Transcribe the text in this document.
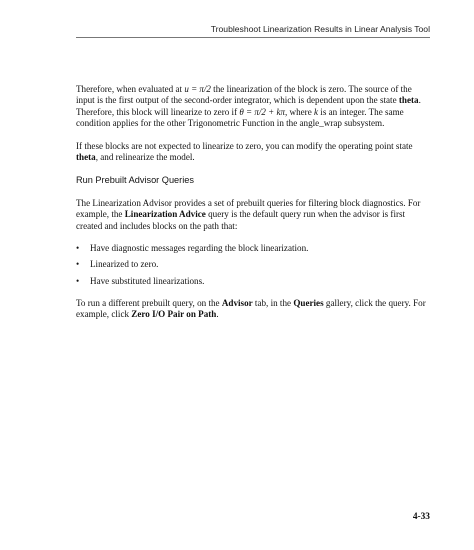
Troubleshoot Linearization Results in Linear Analysis Tool

Therefore, when evaluated at u = π/2 the linearization of the block is zero. The source of the input is the first output of the second-order integrator, which is dependent upon the state theta. Therefore, this block will linearize to zero if θ = π/2 + kπ, where k is an integer. The same condition applies for the other Trigonometric Function in the angle_wrap subsystem.

If these blocks are not expected to linearize to zero, you can modify the operating point state theta, and relinearize the model.

Run Prebuilt Advisor Queries

The Linearization Advisor provides a set of prebuilt queries for filtering block diagnostics. For example, the Linearization Advice query is the default query run when the advisor is first created and includes blocks on the path that:

• Have diagnostic messages regarding the block linearization.
• Linearized to zero.
• Have substituted linearizations.

To run a different prebuilt query, on the Advisor tab, in the Queries gallery, click the query. For example, click Zero I/O Pair on Path.

4-33
